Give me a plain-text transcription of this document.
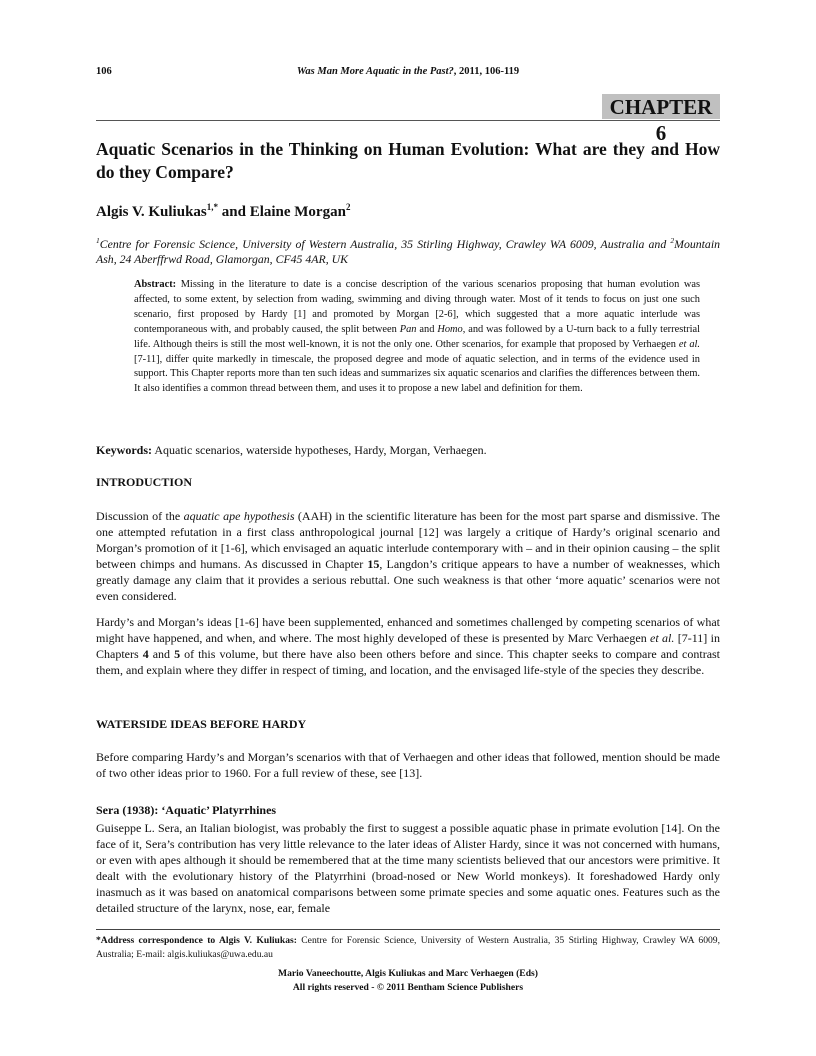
106	Was Man More Aquatic in the Past?, 2011, 106-119
CHAPTER 6
Aquatic Scenarios in the Thinking on Human Evolution: What are they and How do they Compare?
Algis V. Kuliukas$^{1,*}$ and Elaine Morgan$^2$
$^1$Centre for Forensic Science, University of Western Australia, 35 Stirling Highway, Crawley WA 6009, Australia and $^2$Mountain Ash, 24 Aberffrwd Road, Glamorgan, CF45 4AR, UK
Abstract: Missing in the literature to date is a concise description of the various scenarios proposing that human evolution was affected, to some extent, by selection from wading, swimming and diving through water. Most of it tends to focus on just one such scenario, first proposed by Hardy [1] and promoted by Morgan [2-6], which suggested that a more aquatic interlude was contemporaneous with, and probably caused, the split between Pan and Homo, and was followed by a U-turn back to a fully terrestrial life. Although theirs is still the most well-known, it is not the only one. Other scenarios, for example that proposed by Verhaegen et al. [7-11], differ quite markedly in timescale, the proposed degree and mode of aquatic selection, and in terms of the evidence used in support. This Chapter reports more than ten such ideas and summarizes six aquatic scenarios and clarifies the differences between them. It also identifies a common thread between them, and uses it to propose a new label and definition for them.
Keywords: Aquatic scenarios, waterside hypotheses, Hardy, Morgan, Verhaegen.
INTRODUCTION
Discussion of the aquatic ape hypothesis (AAH) in the scientific literature has been for the most part sparse and dismissive. The one attempted refutation in a first class anthropological journal [12] was largely a critique of Hardy’s original scenario and Morgan’s promotion of it [1-6], which envisaged an aquatic interlude contemporary with – and in their opinion causing – the split between chimps and humans. As discussed in Chapter 15, Langdon’s critique appears to have a number of weaknesses, which greatly damage any claim that it provides a serious rebuttal. One such weakness is that other ‘more aquatic’ scenarios were not even considered.
Hardy’s and Morgan’s ideas [1-6] have been supplemented, enhanced and sometimes challenged by competing scenarios of what might have happened, and when, and where. The most highly developed of these is presented by Marc Verhaegen et al. [7-11] in Chapters 4 and 5 of this volume, but there have also been others before and since. This chapter seeks to compare and contrast them, and explain where they differ in respect of timing, and location, and the envisaged life-style of the species they describe.
WATERSIDE IDEAS BEFORE HARDY
Before comparing Hardy’s and Morgan’s scenarios with that of Verhaegen and other ideas that followed, mention should be made of two other ideas prior to 1960. For a full review of these, see [13].
Sera (1938): ‘Aquatic’ Platyrrhines
Guiseppe L. Sera, an Italian biologist, was probably the first to suggest a possible aquatic phase in primate evolution [14]. On the face of it, Sera’s contribution has very little relevance to the later ideas of Alister Hardy, since it was not concerned with humans, or even with apes although it should be remembered that at the time many scientists believed that our ancestors were primitive. It dealt with the evolutionary history of the Platyrrhini (broad-nosed or New World monkeys). It foreshadowed Hardy only inasmuch as it was based on anatomical comparisons between some primate species and some aquatic ones. Features such as the detailed structure of the larynx, nose, ear, female
*Address correspondence to Algis V. Kuliukas: Centre for Forensic Science, University of Western Australia, 35 Stirling Highway, Crawley WA 6009, Australia; E-mail: algis.kuliukas@uwa.edu.au
Mario Vaneechoutte, Algis Kuliukas and Marc Verhaegen (Eds)
All rights reserved - © 2011 Bentham Science Publishers
